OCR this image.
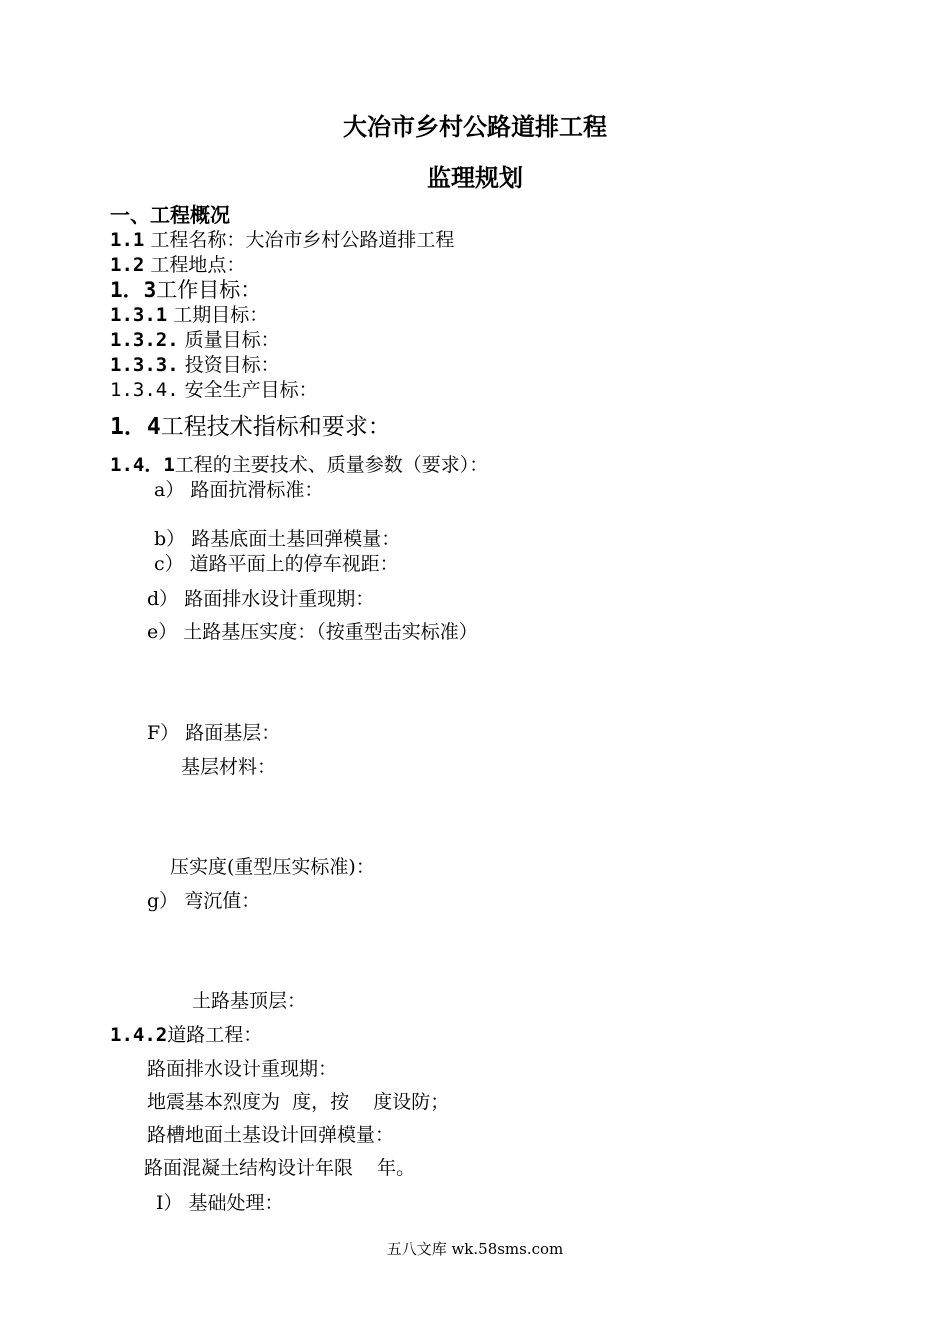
大冶市乡村公路道排工程
监理规划
一、工程概况
1.1 工程名称：大冶市乡村公路道排工程
1.2 工程地点：
1．3工作目标：
1.3.1 工期目标：
1.3.2. 质量目标：
1.3.3. 投资目标：
1.3.4. 安全生产目标：
1．4工程技术指标和要求：
1.4．1工程的主要技术、质量参数（要求）：
a） 路面抗滑标准：
b） 路基底面土基回弹模量：
c） 道路平面上的停车视距：
d） 路面排水设计重现期：
e） 土路基压实度：（按重型击实标准）
F） 路面基层：
基层材料：
压实度(重型压实标准)：
g） 弯沉值：
土路基顶层：
1.4.2道路工程：
路面排水设计重现期：
地震基本烈度为  度，按    度设防；
路槽地面土基设计回弹模量：
路面混凝土结构设计年限    年。
I） 基础处理：
五八文库 wk.58sms.com
